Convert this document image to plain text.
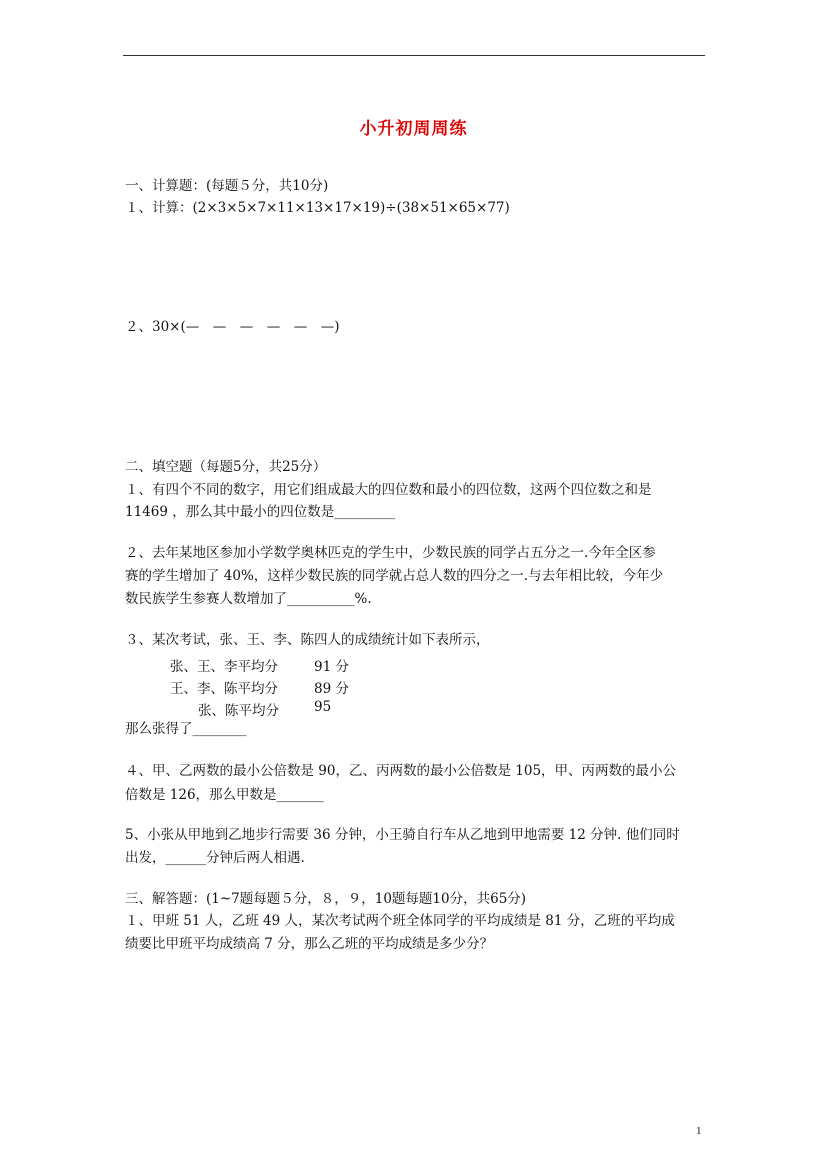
小升初周周练
一、计算题：(每题５分，共10分)
１、计算：(2×3×5×7×11×13×17×19)÷(38×51×65×77)
２、30×(—　—　—　—　—　—)
二、填空题（每题5分，共25分）
１、有四个不同的数字，用它们组成最大的四位数和最小的四位数，这两个四位数之和是
11469 ，那么其中最小的四位数是_________
２、去年某地区参加小学数学奥林匹克的学生中，少数民族的同学占五分之一.今年全区参
赛的学生增加了 40%，这样少数民族的同学就占总人数的四分之一.与去年相比较，今年少
数民族学生参赛人数增加了__________%.
３、某次考试，张、王、李、陈四人的成绩统计如下表所示，
张、王、李平均分	91 分
王、李、陈平均分	89 分
张、陈平均分	95
那么张得了________
４、甲、乙两数的最小公倍数是 90，乙、丙两数的最小公倍数是 105，甲、丙两数的最小公
倍数是 126，那么甲数是_______
5、小张从甲地到乙地步行需要 36 分钟，小王骑自行车从乙地到甲地需要 12 分钟. 他们同时
出发，______分钟后两人相遇.
三、解答题：(1~7题每题５分，８，９，10题每题10分，共65分)
１、甲班 51 人，乙班 49 人，某次考试两个班全体同学的平均成绩是 81 分，乙班的平均成
绩要比甲班平均成绩高 7 分，那么乙班的平均成绩是多少分？
1
